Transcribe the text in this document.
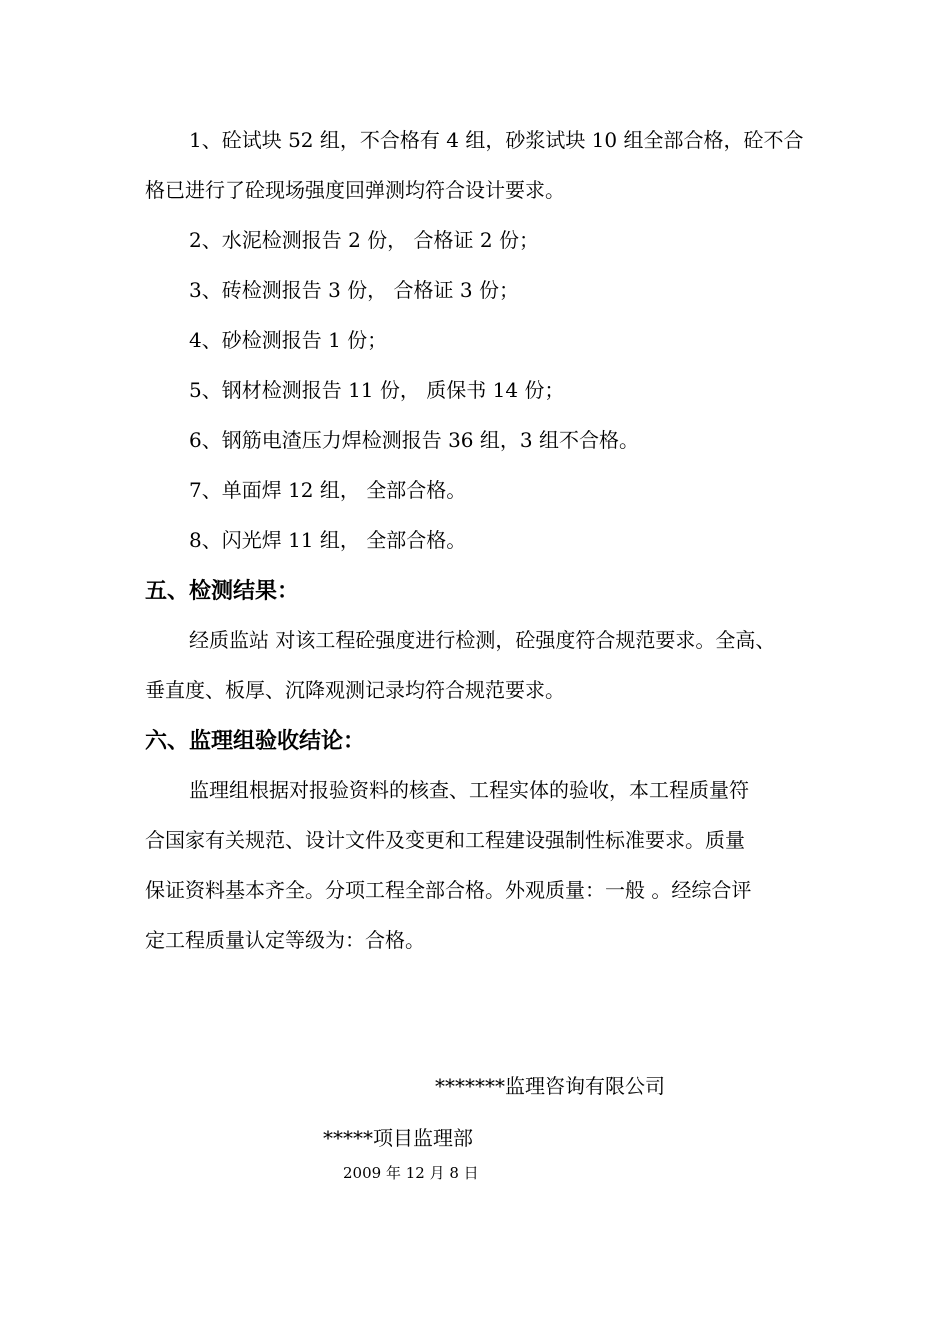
1、砼试块 52 组，不合格有 4 组，砂浆试块 10 组全部合格，砼不合

格已进行了砼现场强度回弹测均符合设计要求。

2、水泥检测报告 2 份， 合格证 2 份；

3、砖检测报告 3 份， 合格证 3 份；

4、砂检测报告 1 份；

5、钢材检测报告 11 份， 质保书 14 份；

6、钢筋电渣压力焊检测报告 36 组，3 组不合格。

7、单面焊 12 组， 全部合格。

8、闪光焊 11 组， 全部合格。

五、检测结果：

经质监站 对该工程砼强度进行检测，砼强度符合规范要求。全高、

垂直度、板厚、沉降观测记录均符合规范要求。

六、监理组验收结论：

监理组根据对报验资料的核查、工程实体的验收，本工程质量符

合国家有关规范、设计文件及变更和工程建设强制性标准要求。质量

保证资料基本齐全。分项工程全部合格。外观质量：一般 。经综合评

定工程质量认定等级为：合格。

*******监理咨询有限公司

*****项目监理部

2009 年 12 月 8 日
